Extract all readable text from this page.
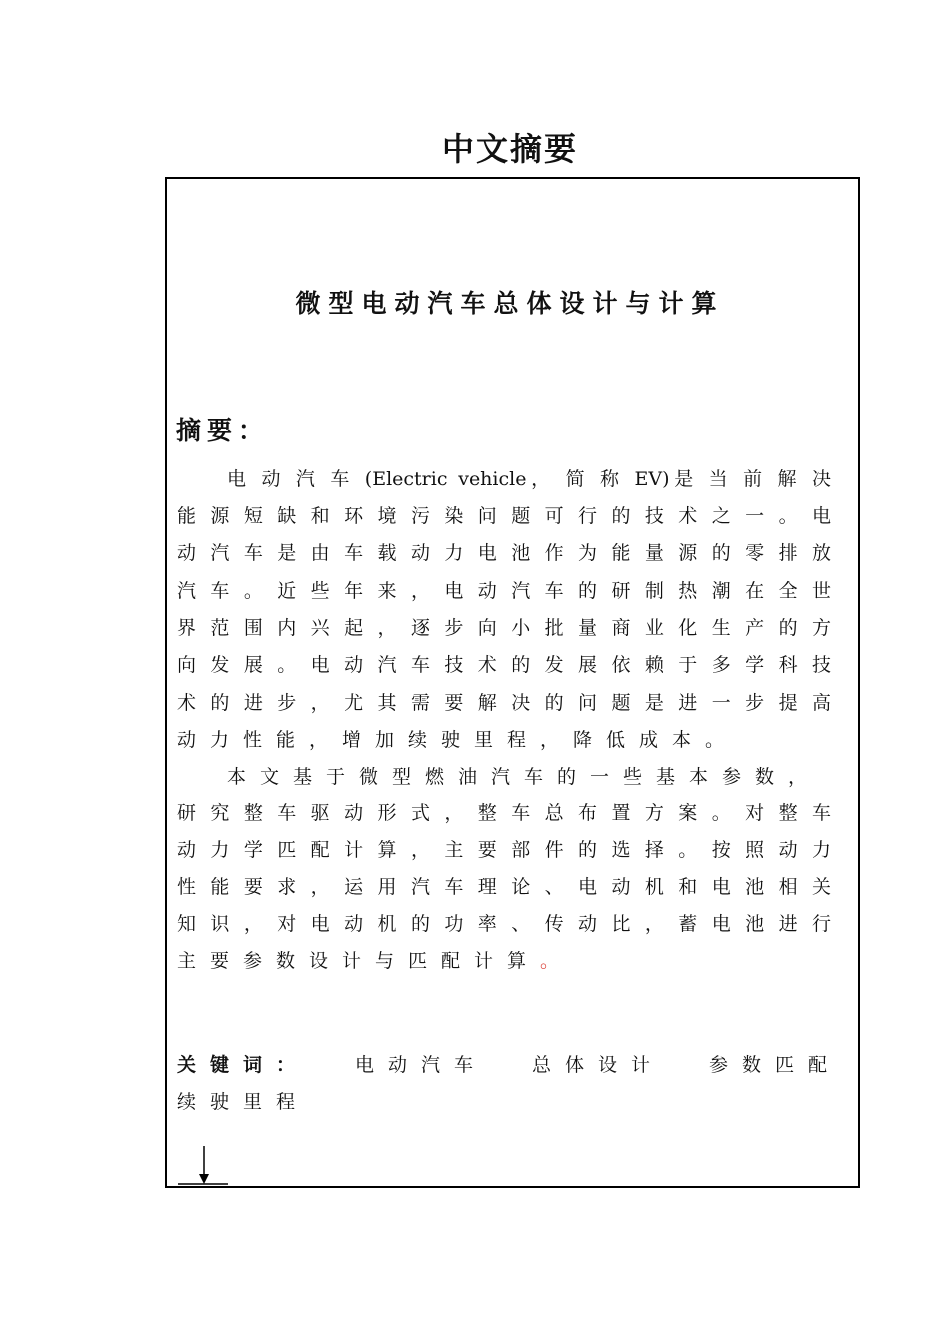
中文摘要
微型电动汽车总体设计与计算
摘要：
电 动 汽 车 (Electric vehicle， 简 称 EV)是 当 前 解 决
能 源 短 缺 和 环 境 污 染 问 题 可 行 的 技 术 之 一 。 电
动 汽 车 是 由 车 载 动 力 电 池 作 为 能 量 源 的 零 排 放
汽 车 。 近 些 年 来 ， 电 动 汽 车 的 研 制 热 潮 在 全 世
界 范 围 内 兴 起 ， 逐 步 向 小 批 量 商 业 化 生 产 的 方
向 发 展 。 电 动 汽 车 技 术 的 发 展 依 赖 于 多 学 科 技
术 的 进 步 ， 尤 其 需 要 解 决 的 问 题 是 进 一 步 提 高
动力性能，增加续驶里程，降低成本。
本 文 基 于 微 型 燃 油 汽 车 的 一 些 基 本 参 数 ，
研 究 整 车 驱 动 形 式 ， 整 车 总 布 置 方 案 。 对 整 车
动 力 学 匹 配 计 算 ， 主 要 部 件 的 选 择 。 按 照 动 力
性 能 要 求 ， 运 用 汽 车 理 论 、 电 动 机 和 电 池 相 关
知 识 ， 对 电 动 机 的 功 率 、 传 动 比 ， 蓄 电 池 进 行
主要参数设计与匹配计算。
关键词：	电动汽车 总体设计 参数匹配
续驶里程
